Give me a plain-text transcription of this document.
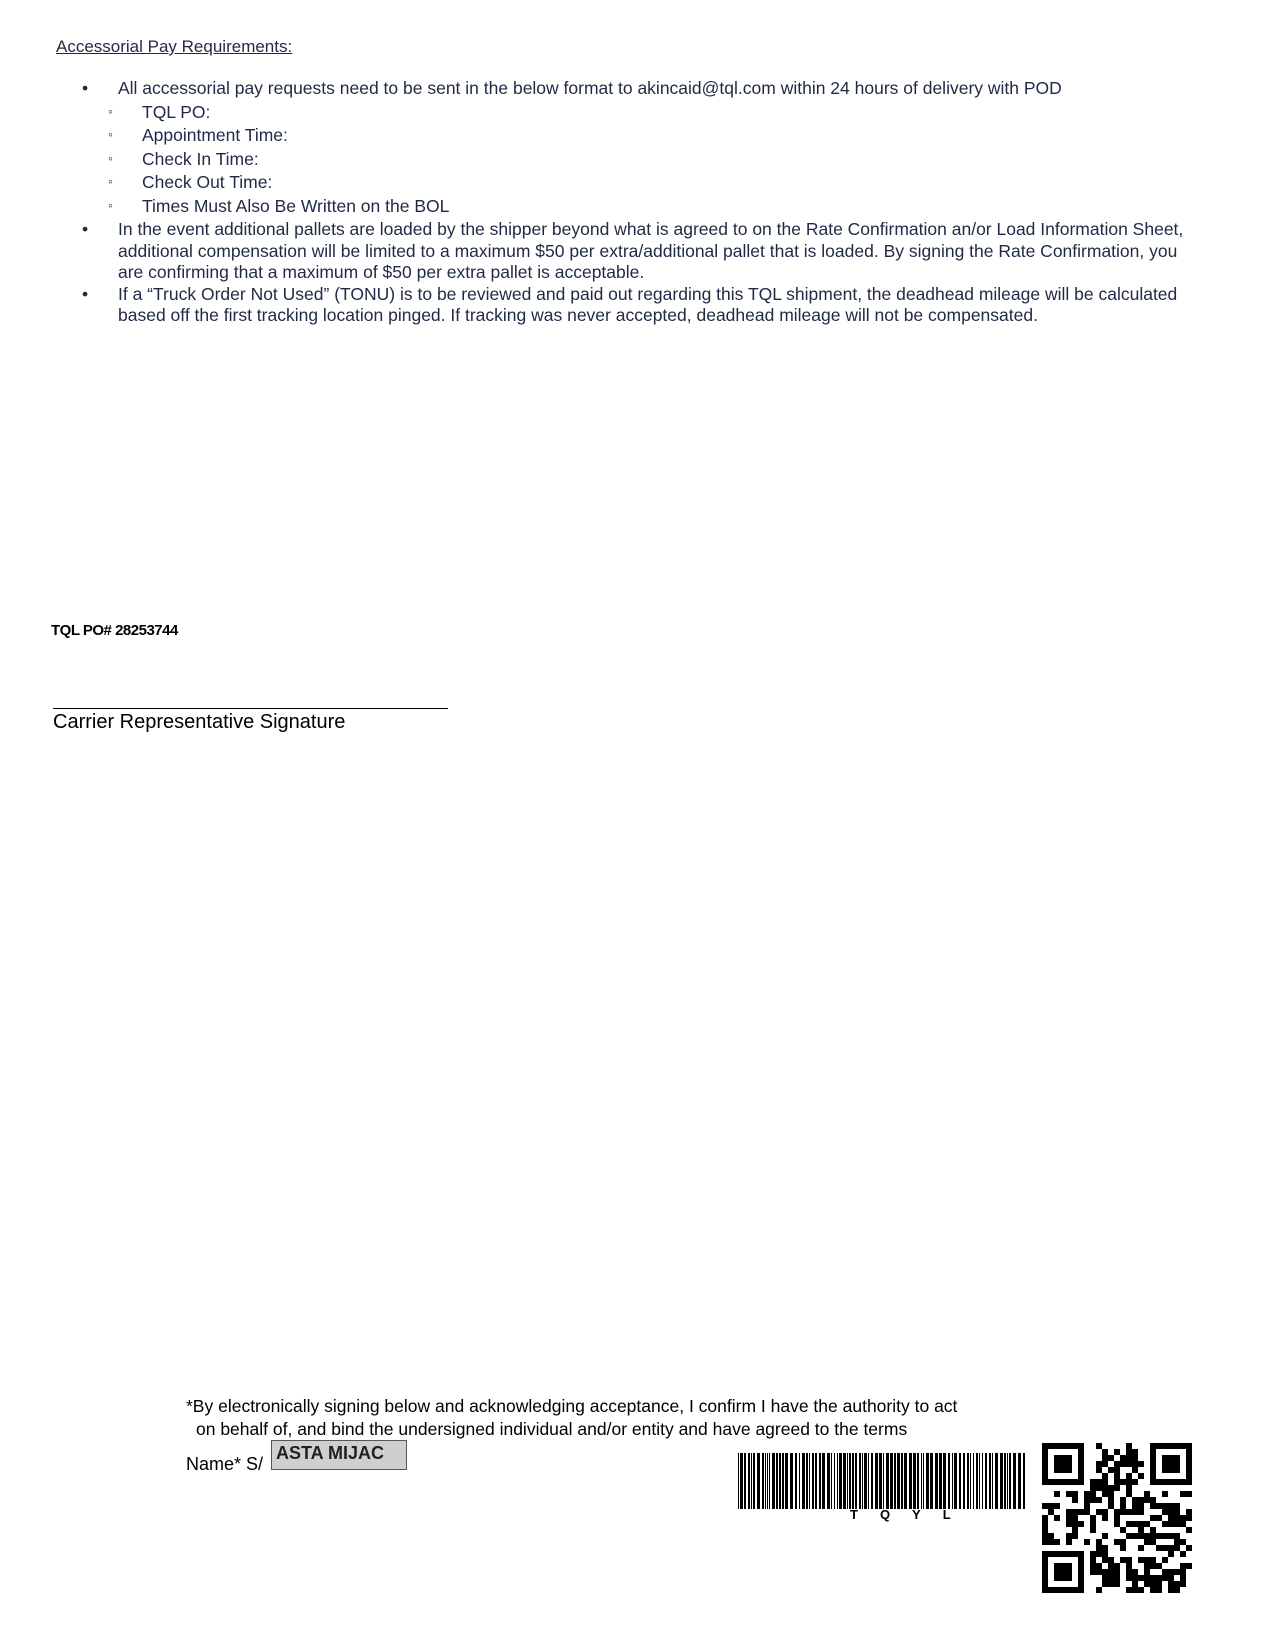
Accessorial Pay Requirements:
• All accessorial pay requests need to be sent in the below format to akincaid@tql.com within 24 hours of delivery with POD
◦ TQL PO:
◦ Appointment Time:
◦ Check In Time:
◦ Check Out Time:
◦ Times Must Also Be Written on the BOL
• In the event additional pallets are loaded by the shipper beyond what is agreed to on the Rate Confirmation an/or Load Information Sheet, additional compensation will be limited to a maximum $50 per extra/additional pallet that is loaded. By signing the Rate Confirmation, you are confirming that a maximum of $50 per extra pallet is acceptable.
• If a “Truck Order Not Used” (TONU) is to be reviewed and paid out regarding this TQL shipment, the deadhead mileage will be calculated based off the first tracking location pinged. If tracking was never accepted, deadhead mileage will not be compensated.
TQL PO# 28253744
Carrier Representative Signature
*By electronically signing below and acknowledging acceptance, I confirm I have the authority to act
on behalf of, and bind the undersigned individual and/or entity and have agreed to the terms
Name* S/
ASTA MIJAC
TQYL
